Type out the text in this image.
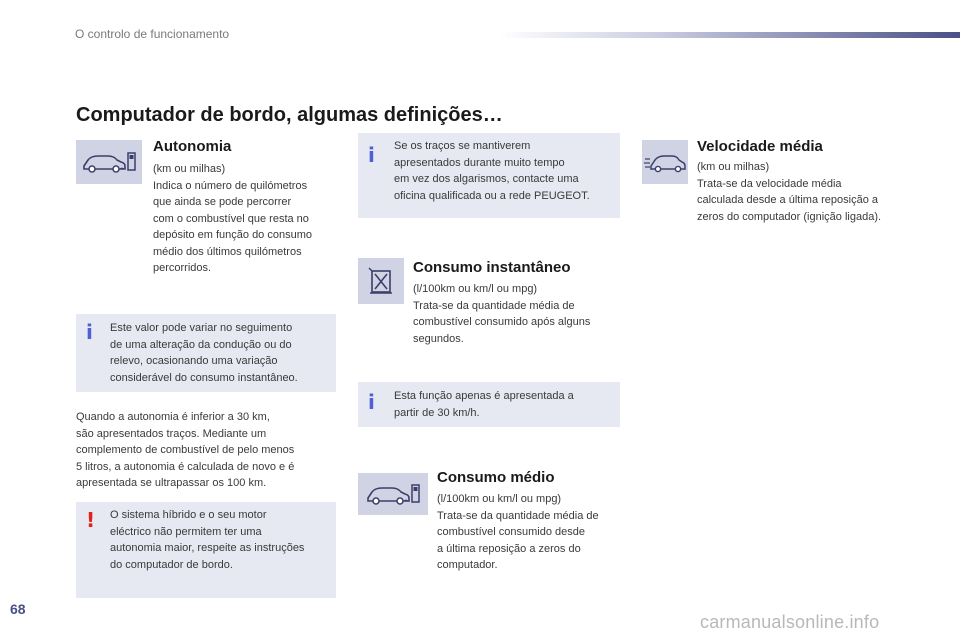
O controlo de funcionamento
Computador de bordo, algumas definições…
Autonomia
(km ou milhas)
Indica o número de quilómetros
que ainda se pode percorrer
com o combustível que resta no
depósito em função do consumo
médio dos últimos quilómetros
percorridos.
i Este valor pode variar no seguimento
de uma alteração da condução ou do
relevo, ocasionando uma variação
considerável do consumo instantâneo.
Quando a autonomia é inferior a 30 km,
são apresentados traços. Mediante um
complemento de combustível de pelo menos
5 litros, a autonomia é calculada de novo e é
apresentada se ultrapassar os 100 km.
! O sistema híbrido e o seu motor
eléctrico não permitem ter uma
autonomia maior, respeite as instruções
do computador de bordo.
i Se os traços se mantiverem
apresentados durante muito tempo
em vez dos algarismos, contacte uma
oficina qualificada ou a rede PEUGEOT.
Consumo instantâneo
(l/100km ou km/l ou mpg)
Trata-se da quantidade média de
combustível consumido após alguns
segundos.
i Esta função apenas é apresentada a
partir de 30 km/h.
Consumo médio
(l/100km ou km/l ou mpg)
Trata-se da quantidade média de
combustível consumido desde
a última reposição a zeros do
computador.
Velocidade média
(km ou milhas)
Trata-se da velocidade média
calculada desde a última reposição a
zeros do computador (ignição ligada).
68
carmanualsonline.info
